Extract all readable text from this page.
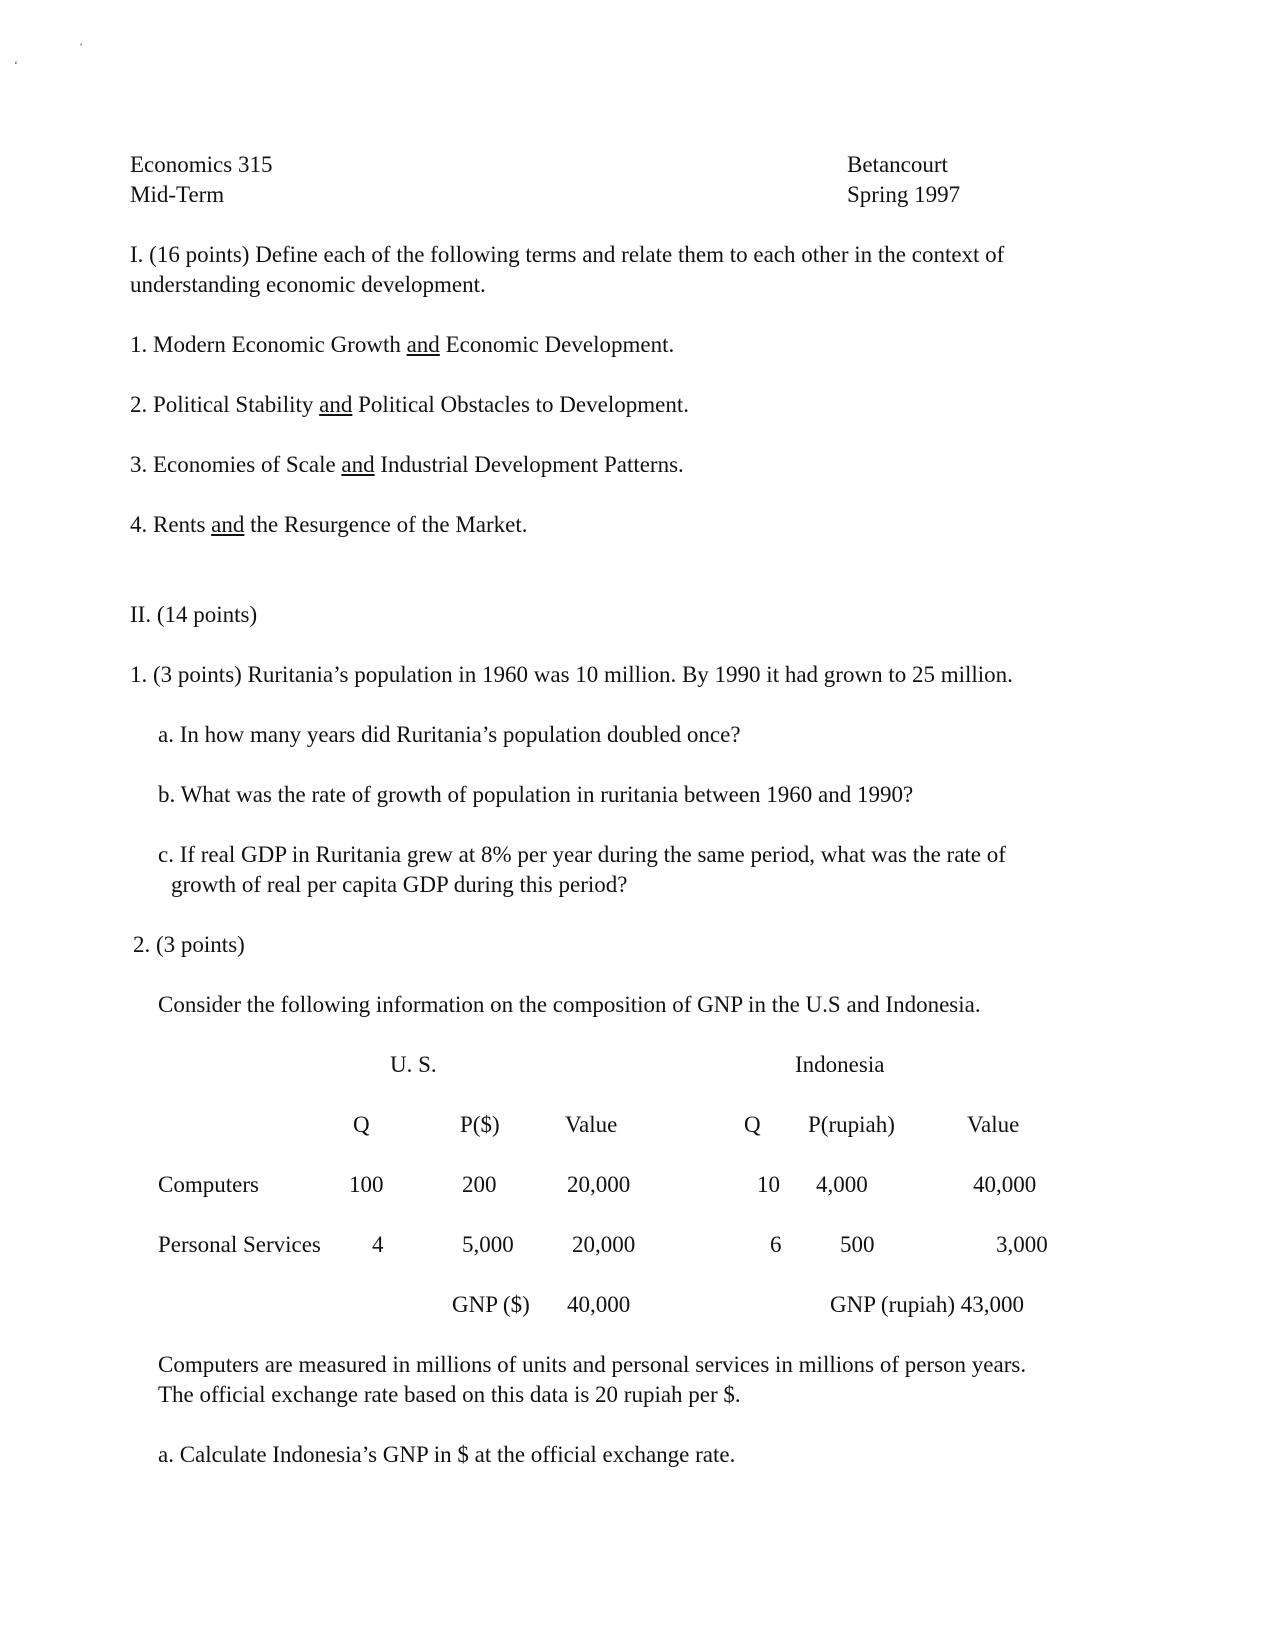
'
‘
Economics 315
Mid-Term
Betancourt
Spring 1997
I. (16 points) Define each of the following terms and relate them to each other in the context of
understanding economic development.
1. Modern Economic Growth and Economic Development.
2. Political Stability and Political Obstacles to Development.
3. Economies of Scale and Industrial Development Patterns.
4. Rents and the Resurgence of the Market.
II. (14 points)
1. (3 points) Ruritania’s population in 1960 was 10 million. By 1990 it had grown to 25 million.
a. In how many years did Ruritania’s population doubled once?
b. What was the rate of growth of population in ruritania between 1960 and 1990?
c. If real GDP in Ruritania grew at 8% per year during the same period, what was the rate of
growth of real per capita GDP during this period?
2. (3 points)
Consider the following information on the composition of GNP in the U.S and Indonesia.
U. S.	Indonesia
Q	P($)	Value	Q P(rupiah)	Value
Computers	100	200	20,000	10 4,000	40,000
Personal Services 4	5,000	20,000	6	500	3,000
GNP ($) 40,000	GNP (rupiah) 43,000
Computers are measured in millions of units and personal services in millions of person years.
The official exchange rate based on this data is 20 rupiah per $.
a. Calculate Indonesia’s GNP in $ at the official exchange rate.
